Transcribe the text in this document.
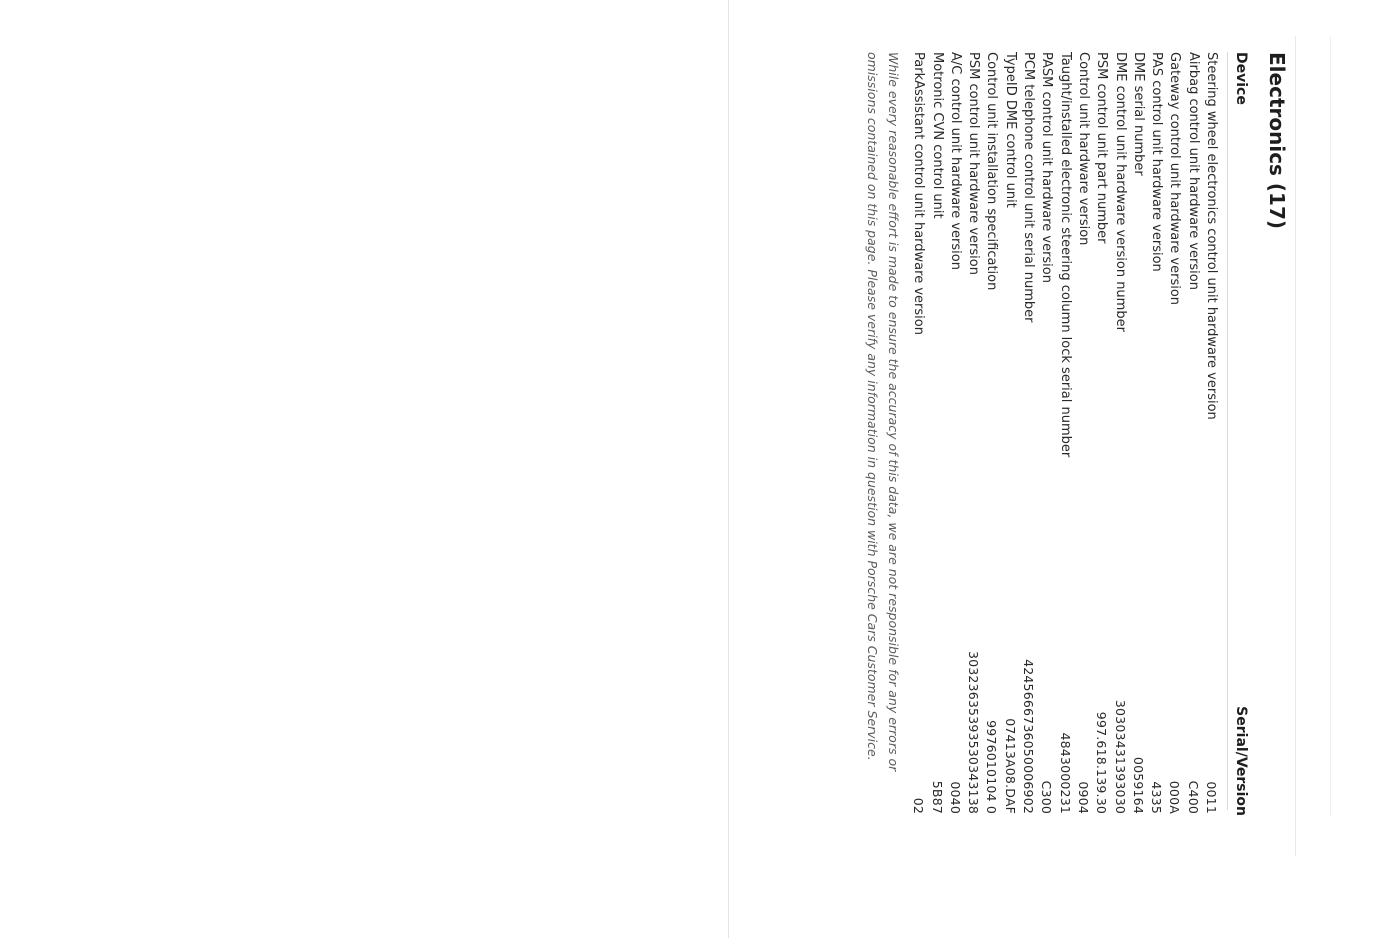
Electronics (17)
Device
Serial/Version
Steering wheel electronics control unit hardware version
0011
Airbag control unit hardware version
C400
Gateway control unit hardware version
000A
PAS control unit hardware version
4335
DME serial number
0059164
DME control unit hardware version number
30303431393030
PSM control unit part number
997.618.139.30
Control unit hardware version
0904
Taught/installed electronic steering column lock serial number
4843000231
PASM control unit hardware version
C300
PCM telephone control unit serial number
4245666736050006902
TypeID DME control unit
07413A08.DAF
Control unit installation specification
9976010104 0
PSM control unit hardware version
30323635393530343138
A/C control unit hardware version
0040
Motronic CVN control unit
5B87
ParkAssistant control unit hardware version
02
While every reasonable effort is made to ensure the accuracy of this data, we are not responsible for any errors or
omissions contained on this page. Please verify any information in question with Porsche Cars Customer Service.
